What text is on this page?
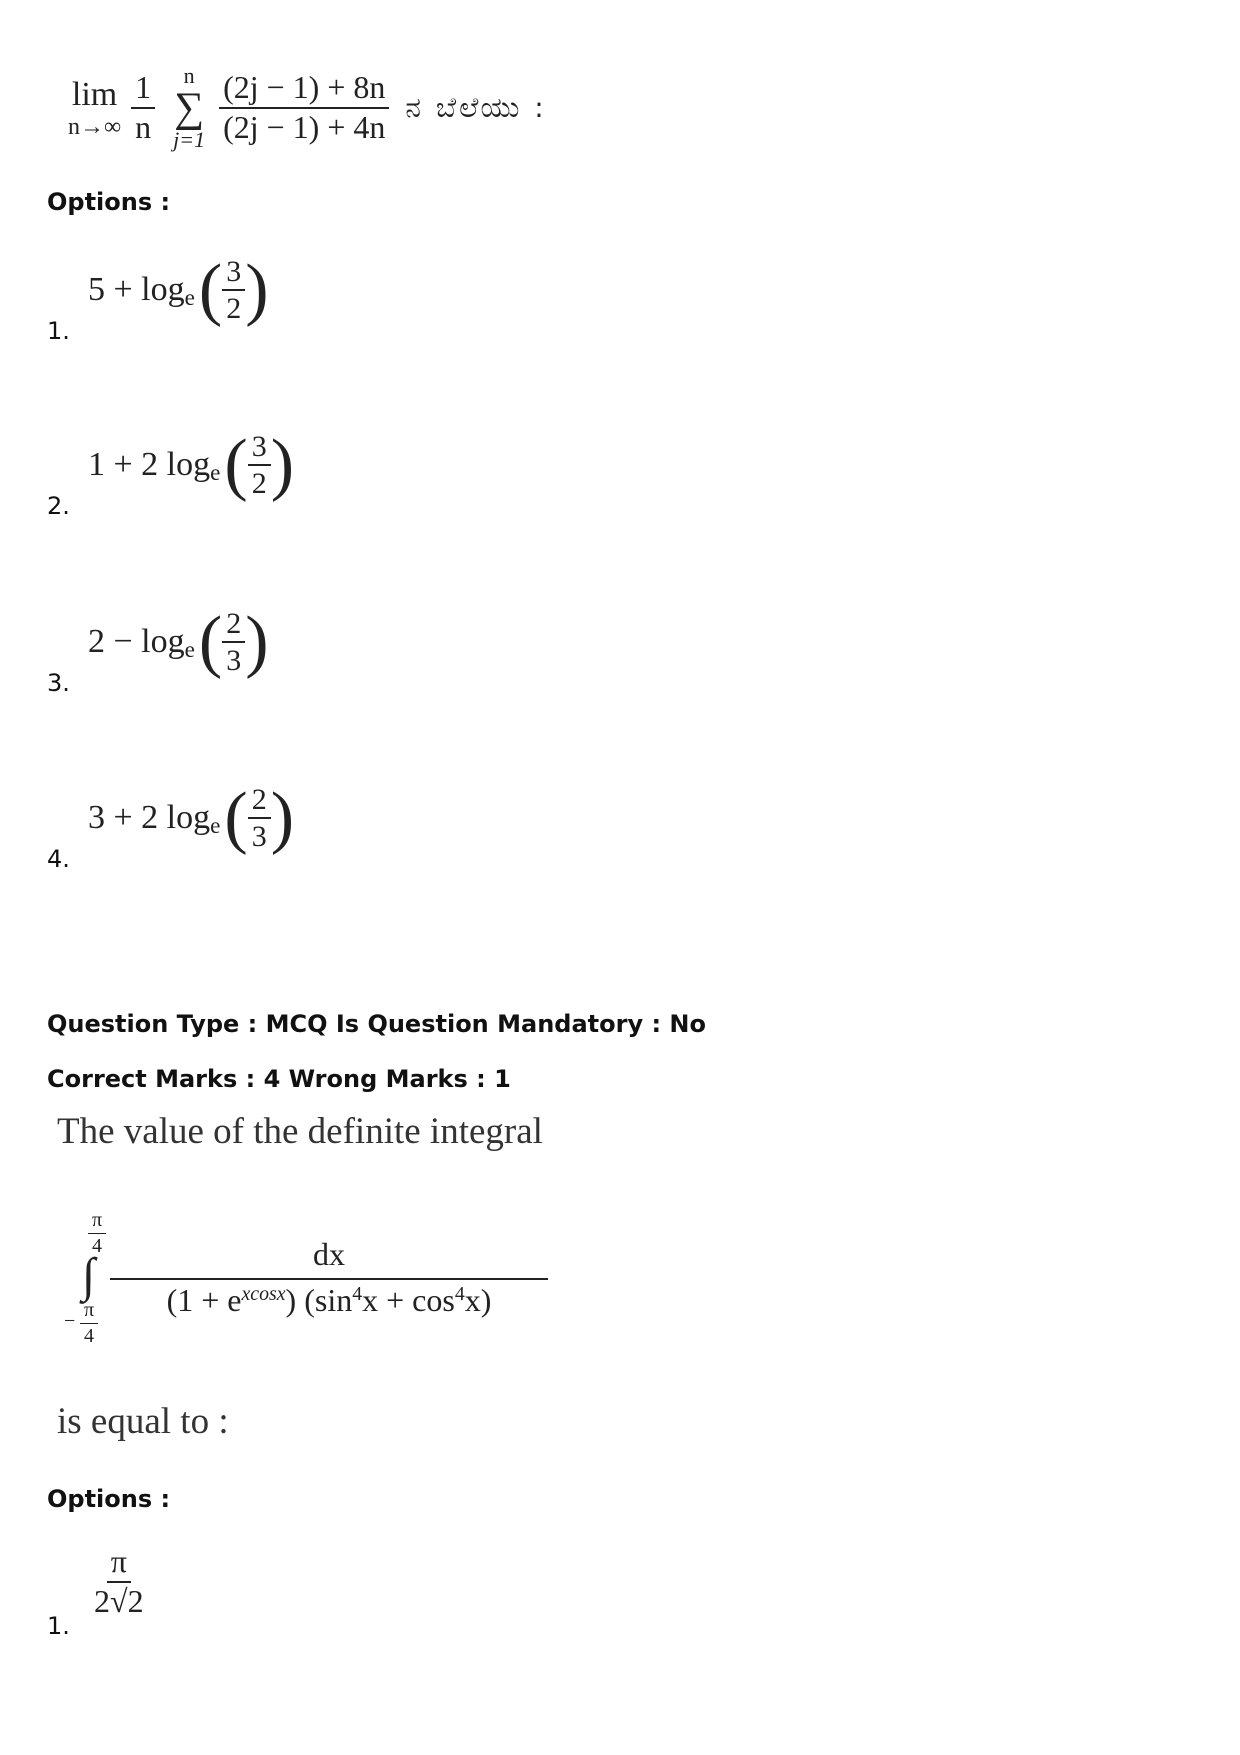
lim
$n\to\infty \frac{1}{n}$ n
∑
$j=1 \frac{(2j - 1) + 8n}{(2j - 1) + 4n}$ ನ ಬೆಲೆಯು :
Options :
1.
5 + log e ( $\frac{3}{2}$ )
2.
1 + 2 log e ( $\frac{3}{2}$ )
3.
2 − log e ( $\frac{2}{3}$ )
4.
3 + 2 log e ( $\frac{2}{3}$ )
Question Type : MCQ Is Question Mandatory : No
Correct Marks : 4 Wrong Marks : 1
The value of the definite integral
$\frac{\pi}{4}$
∫
− $\frac{\pi}{4}$
$\frac{dx}{(1 + e^{xcosx}) (\sin^4x + \cos^4x)}$
is equal to :
Options :
1.
$\frac{\pi}{2√2}$
